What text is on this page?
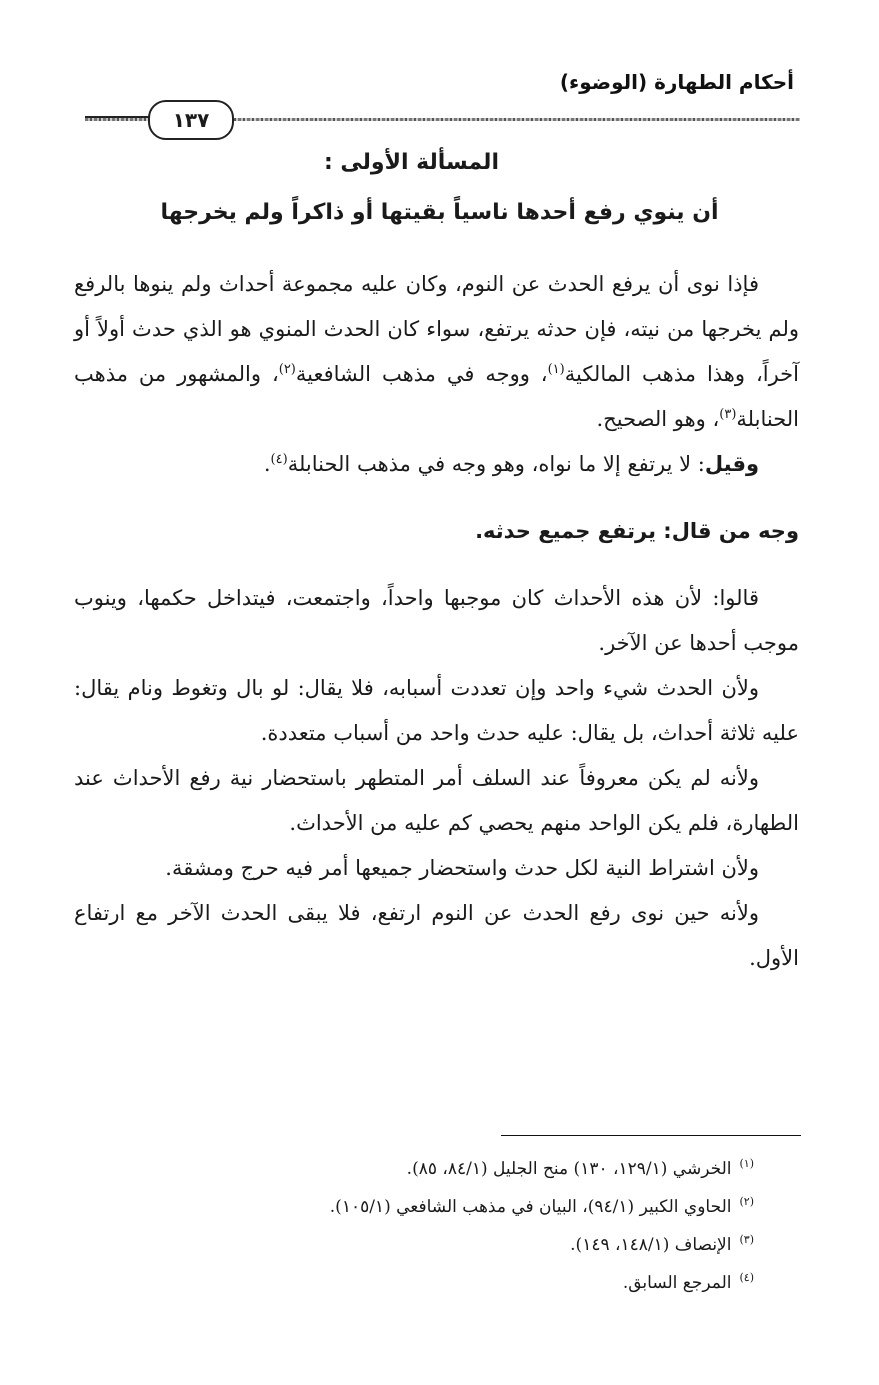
أحكام الطهارة (الوضوء)
١٣٧
المسألة الأولى :
أن ينوي رفع أحدها ناسياً بقيتها أو ذاكراً ولم يخرجها

فإذا نوى أن يرفع الحدث عن النوم، وكان عليه مجموعة أحداث ولم ينوها بالرفع ولم يخرجها من نيته، فإن حدثه يرتفع، سواء كان الحدث المنوي هو الذي حدث أولاً أو آخراً، وهذا مذهب المالكية$^{(١)}$، ووجه في مذهب الشافعية$^{(٢)}$، والمشهور من مذهب الحنابلة$^{(٣)}$، وهو الصحيح.

وقيل: لا يرتفع إلا ما نواه، وهو وجه في مذهب الحنابلة$^{(٤)}$.

وجه من قال: يرتفع جميع حدثه.

قالوا: لأن هذه الأحداث كان موجبها واحداً، واجتمعت، فيتداخل حكمها، وينوب موجب أحدها عن الآخر.

ولأن الحدث شيء واحد وإن تعددت أسبابه، فلا يقال: لو بال وتغوط ونام يقال: عليه ثلاثة أحداث، بل يقال: عليه حدث واحد من أسباب متعددة.

ولأنه لم يكن معروفاً عند السلف أمر المتطهر باستحضار نية رفع الأحداث عند الطهارة، فلم يكن الواحد منهم يحصي كم عليه من الأحداث.

ولأن اشتراط النية لكل حدث واستحضار جميعها أمر فيه حرج ومشقة.

ولأنه حين نوى رفع الحدث عن النوم ارتفع، فلا يبقى الحدث الآخر مع ارتفاع الأول.

$^{(١)}$الخرشي (١٢٩/١، ١٣٠) منح الجليل (٨٤/١، ٨٥).

$^{(٢)}$الحاوي الكبير (٩٤/١)، البيان في مذهب الشافعي (١٠٥/١).

$^{(٣)}$الإنصاف (١٤٨/١، ١٤٩).

$^{(٤)}$المرجع السابق.
